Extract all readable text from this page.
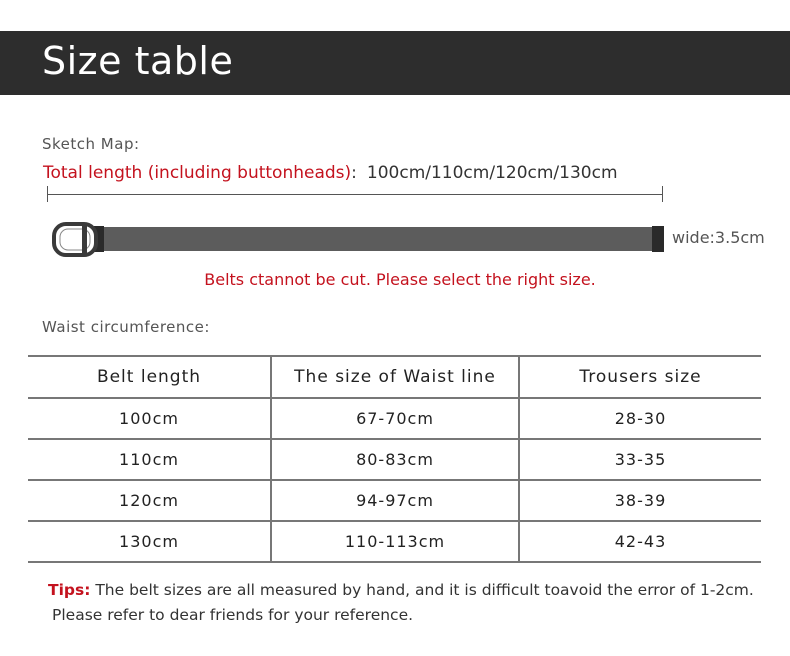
Size table
Sketch Map:
Total length (including buttonheads): 100cm/110cm/120cm/130cm
wide:3.5cm
Belts ctannot be cut. Please select the right size.
Waist circumference:
Belt length	The size of Waist line	Trousers size
100cm	67-70cm	28-30
110cm	80-83cm	33-35
120cm	94-97cm	38-39
130cm	110-113cm	42-43
Tips: The belt sizes are all measured by hand, and it is difficult toavoid the error of 1-2cm.
Please refer to dear friends for your reference.
